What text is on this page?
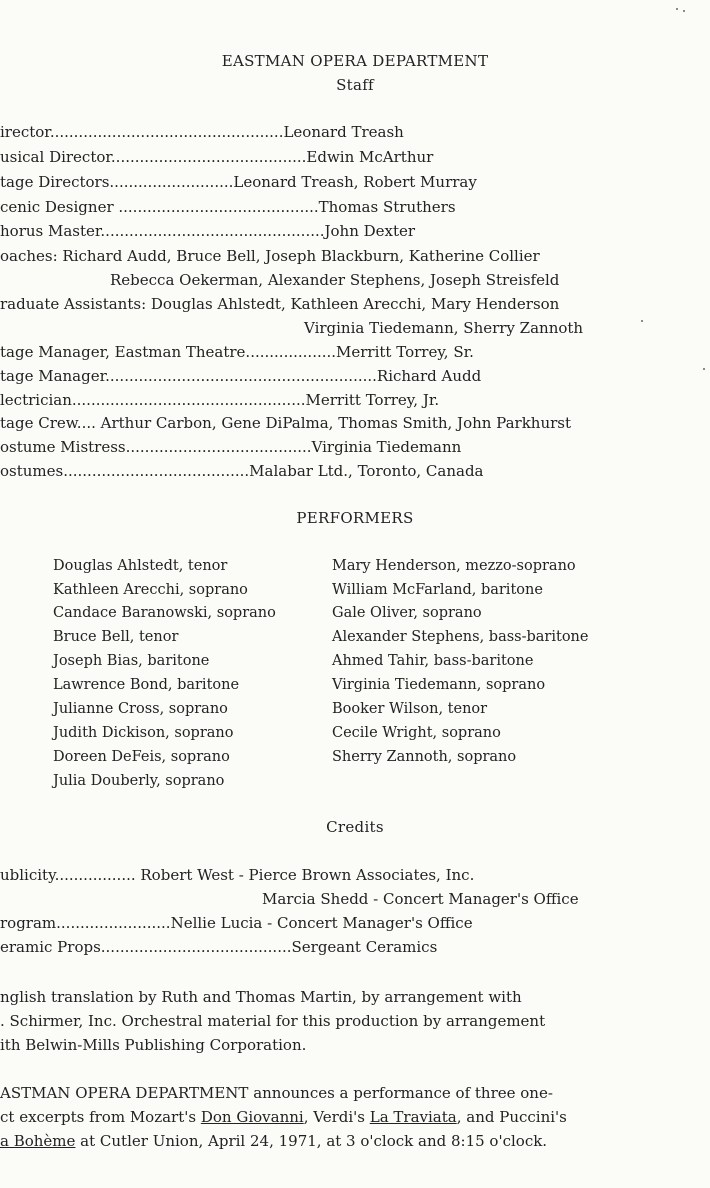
EASTMAN OPERA DEPARTMENT
Staff
irector.................................................Leonard Treash
usical Director.........................................Edwin McArthur
tage Directors..........................Leonard Treash, Robert Murray
cenic Designer ..........................................Thomas Struthers
horus Master...............................................John Dexter
oaches: Richard Audd, Bruce Bell, Joseph Blackburn, Katherine Collier
Rebecca Oekerman, Alexander Stephens, Joseph Streisfeld
raduate Assistants: Douglas Ahlstedt, Kathleen Arecchi, Mary Henderson
Virginia Tiedemann, Sherry Zannoth
tage Manager, Eastman Theatre...................Merritt Torrey, Sr.
tage Manager.........................................................Richard Audd
lectrician.................................................Merritt Torrey, Jr.
tage Crew.... Arthur Carbon, Gene DiPalma, Thomas Smith, John Parkhurst
ostume Mistress.......................................Virginia Tiedemann
ostumes.......................................Malabar Ltd., Toronto, Canada
PERFORMERS
Douglas Ahlstedt, tenor
Kathleen Arecchi, soprano
Candace Baranowski, soprano
Bruce Bell, tenor
Joseph Bias, baritone
Lawrence Bond, baritone
Julianne Cross, soprano
Judith Dickison, soprano
Doreen DeFeis, soprano
Julia Douberly, soprano
Mary Henderson, mezzo-soprano
William McFarland, baritone
Gale Oliver, soprano
Alexander Stephens, bass-baritone
Ahmed Tahir, bass-baritone
Virginia Tiedemann, soprano
Booker Wilson, tenor
Cecile Wright, soprano
Sherry Zannoth, soprano
Credits
ublicity................. Robert West - Pierce Brown Associates, Inc.
Marcia Shedd - Concert Manager's Office
rogram........................Nellie Lucia - Concert Manager's Office
eramic Props........................................Sergeant Ceramics
nglish translation by Ruth and Thomas Martin, by arrangement with
. Schirmer, Inc. Orchestral material for this production by arrangement
ith Belwin-Mills Publishing Corporation.
ASTMAN OPERA DEPARTMENT announces a performance of three one-
ct excerpts from Mozart's Don Giovanni, Verdi's La Traviata, and Puccini's
a Bohème at Cutler Union, April 24, 1971, at 3 o'clock and 8:15 o'clock.
